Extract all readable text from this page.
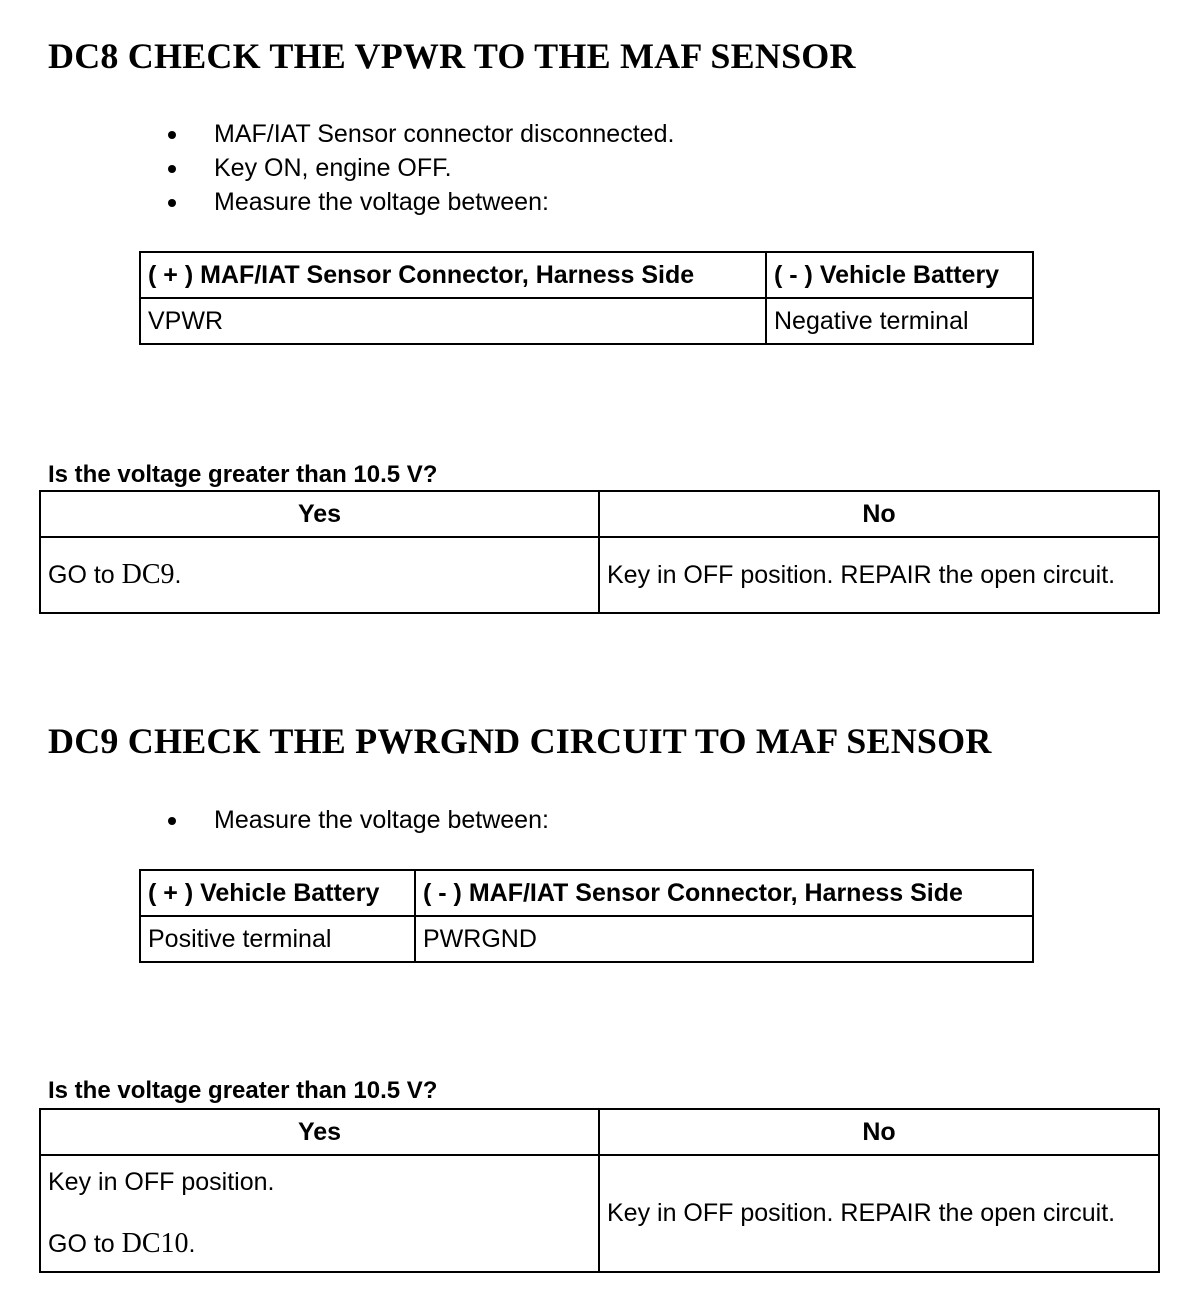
DC8 CHECK THE VPWR TO THE MAF SENSOR
MAF/IAT Sensor connector disconnected.
Key ON, engine OFF.
Measure the voltage between:
( + ) MAF/IAT Sensor Connector, Harness Side	( - ) Vehicle Battery
VPWR	Negative terminal

Is the voltage greater than 10.5 V?

Yes	No
GO to DC9.	Key in OFF position. REPAIR the open circuit.
DC9 CHECK THE PWRGND CIRCUIT TO MAF SENSOR
Measure the voltage between:
( + ) Vehicle Battery	( - ) MAF/IAT Sensor Connector, Harness Side
Positive terminal	PWRGND

Is the voltage greater than 10.5 V?

Yes	No
Key in OFF position.
GO to DC10.	Key in OFF position. REPAIR the open circuit.
